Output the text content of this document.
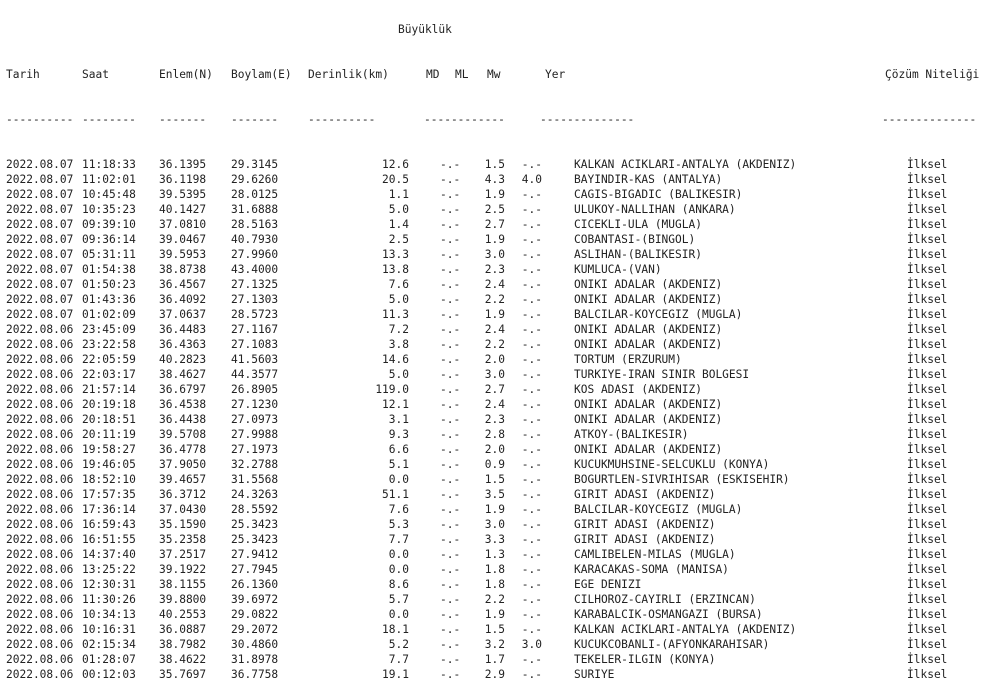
Büyüklük

Tarih	Saat	Enlem(N) Boylam(E) Derinlik(km)	MD ML Mw	Yer	Çözüm Niteliği

---------- -------- ------- -------	----------	------------	--------------	--------------

2022.08.07 11:18:33 36.1395 29.3145	12.6	-.- 1.5 -.-	KALKAN ACIKLARI-ANTALYA (AKDENIZ)	İlksel
2022.08.07 11:02:01 36.1198 29.6260	20.5	-.- 4.3 4.0	BAYINDIR-KAS (ANTALYA)	İlksel
2022.08.07 10:45:48 39.5395 28.0125	1.1	-.- 1.9 -.-	CAGIS-BIGADIC (BALIKESIR)	İlksel
2022.08.07 10:35:23 40.1427 31.6888	5.0	-.- 2.5 -.-	ULUKOY-NALLIHAN (ANKARA)	İlksel
2022.08.07 09:39:10 37.0810 28.5163	1.4	-.- 2.7 -.-	CICEKLI-ULA (MUGLA)	İlksel
2022.08.07 09:36:14 39.0467 40.7930	2.5	-.- 1.9 -.-	COBANTASI-(BINGOL)	İlksel
2022.08.07 05:31:11 39.5953 27.9960	13.3	-.- 3.0 -.-	ASLIHAN-(BALIKESIR)	İlksel
2022.08.07 01:54:38 38.8738 43.4000	13.8	-.- 2.3 -.-	KUMLUCA-(VAN)	İlksel
2022.08.07 01:50:23 36.4567 27.1325	7.6	-.- 2.4 -.-	ONIKI ADALAR (AKDENIZ)	İlksel
2022.08.07 01:43:36 36.4092 27.1303	5.0	-.- 2.2 -.-	ONIKI ADALAR (AKDENIZ)	İlksel
2022.08.07 01:02:09 37.0637 28.5723	11.3	-.- 1.9 -.-	BALCILAR-KOYCEGIZ (MUGLA)	İlksel
2022.08.06 23:45:09 36.4483 27.1167	7.2	-.- 2.4 -.-	ONIKI ADALAR (AKDENIZ)	İlksel
2022.08.06 23:22:58 36.4363 27.1083	3.8	-.- 2.2 -.-	ONIKI ADALAR (AKDENIZ)	İlksel
2022.08.06 22:05:59 40.2823 41.5603	14.6	-.- 2.0 -.-	TORTUM (ERZURUM)	İlksel
2022.08.06 22:03:17 38.4627 44.3577	5.0	-.- 3.0 -.-	TURKIYE-IRAN SINIR BOLGESI	İlksel
2022.08.06 21:57:14 36.6797 26.8905	119.0	-.- 2.7 -.-	KOS ADASI (AKDENIZ)	İlksel
2022.08.06 20:19:18 36.4538 27.1230	12.1	-.- 2.4 -.-	ONIKI ADALAR (AKDENIZ)	İlksel
2022.08.06 20:18:51 36.4438 27.0973	3.1	-.- 2.3 -.-	ONIKI ADALAR (AKDENIZ)	İlksel
2022.08.06 20:11:19 39.5708 27.9988	9.3	-.- 2.8 -.-	ATKOY-(BALIKESIR)	İlksel
2022.08.06 19:58:27 36.4778 27.1973	6.6	-.- 2.0 -.-	ONIKI ADALAR (AKDENIZ)	İlksel
2022.08.06 19:46:05 37.9050 32.2788	5.1	-.- 0.9 -.-	KUCUKMUHSINE-SELCUKLU (KONYA)	İlksel
2022.08.06 18:52:10 39.4657 31.5568	0.0	-.- 1.5 -.-	BOGURTLEN-SIVRIHISAR (ESKISEHIR)	İlksel
2022.08.06 17:57:35 36.3712 24.3263	51.1	-.- 3.5 -.-	GIRIT ADASI (AKDENIZ)	İlksel
2022.08.06 17:36:14 37.0430 28.5592	7.6	-.- 1.9 -.-	BALCILAR-KOYCEGIZ (MUGLA)	İlksel
2022.08.06 16:59:43 35.1590 25.3423	5.3	-.- 3.0 -.-	GIRIT ADASI (AKDENIZ)	İlksel
2022.08.06 16:51:55 35.2358 25.3423	7.7	-.- 3.3 -.-	GIRIT ADASI (AKDENIZ)	İlksel
2022.08.06 14:37:40 37.2517 27.9412	0.0	-.- 1.3 -.-	CAMLIBELEN-MILAS (MUGLA)	İlksel
2022.08.06 13:25:22 39.1922 27.7945	0.0	-.- 1.8 -.-	KARACAKAS-SOMA (MANISA)	İlksel
2022.08.06 12:30:31 38.1155 26.1360	8.6	-.- 1.8 -.-	EGE DENIZI	İlksel
2022.08.06 11:30:26 39.8800 39.6972	5.7	-.- 2.2 -.-	CILHOROZ-CAYIRLI (ERZINCAN)	İlksel
2022.08.06 10:34:13 40.2553 29.0822	0.0	-.- 1.9 -.-	KARABALCIK-OSMANGAZI (BURSA)	İlksel
2022.08.06 10:16:31 36.0887 29.2072	18.1	-.- 1.5 -.-	KALKAN ACIKLARI-ANTALYA (AKDENIZ)	İlksel
2022.08.06 02:15:34 38.7982 30.4860	5.2	-.- 3.2 3.0	KUCUKCOBANLI-(AFYONKARAHISAR)	İlksel
2022.08.06 01:28:07 38.4622 31.8978	7.7	-.- 1.7 -.-	TEKELER-ILGIN (KONYA)	İlksel
2022.08.06 00:12:03 35.7697 36.7758	19.1	-.- 2.9 -.-	SURIYE	İlksel
